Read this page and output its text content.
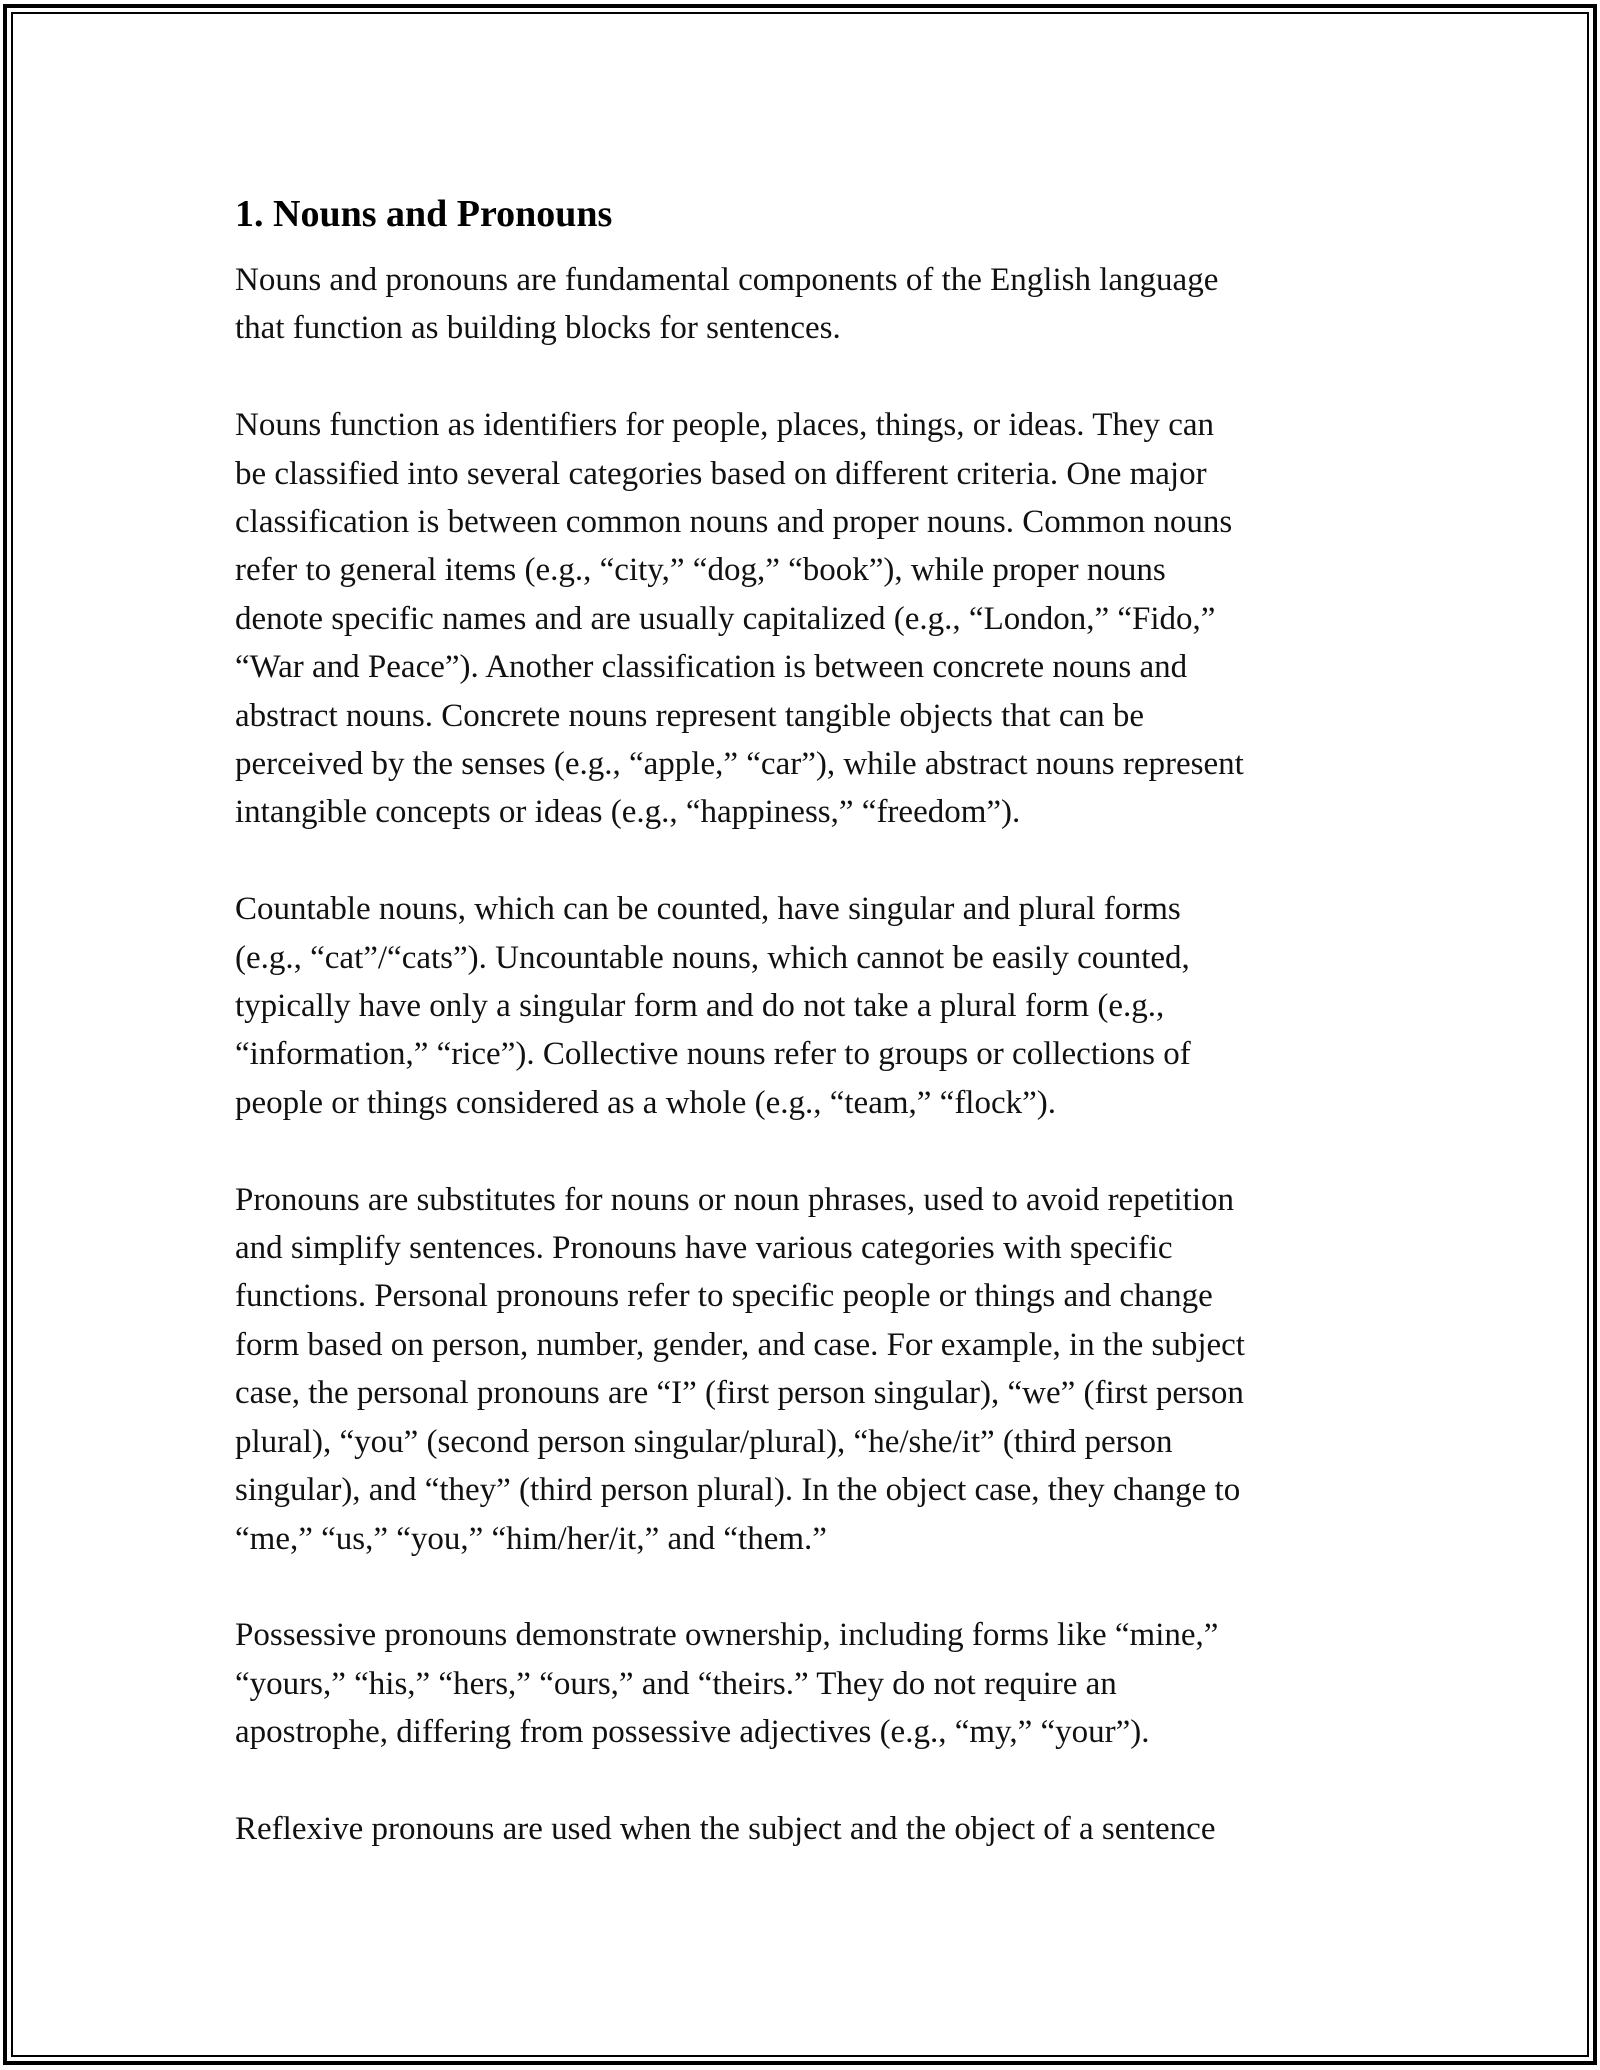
1. Nouns and Pronouns

Nouns and pronouns are fundamental components of the English language
that function as building blocks for sentences.

Nouns function as identifiers for people, places, things, or ideas. They can
be classified into several categories based on different criteria. One major
classification is between common nouns and proper nouns. Common nouns
refer to general items (e.g., “city,” “dog,” “book”), while proper nouns
denote specific names and are usually capitalized (e.g., “London,” “Fido,”
“War and Peace”). Another classification is between concrete nouns and
abstract nouns. Concrete nouns represent tangible objects that can be
perceived by the senses (e.g., “apple,” “car”), while abstract nouns represent
intangible concepts or ideas (e.g., “happiness,” “freedom”).

Countable nouns, which can be counted, have singular and plural forms
(e.g., “cat”/“cats”). Uncountable nouns, which cannot be easily counted,
typically have only a singular form and do not take a plural form (e.g.,
“information,” “rice”). Collective nouns refer to groups or collections of
people or things considered as a whole (e.g., “team,” “flock”).

Pronouns are substitutes for nouns or noun phrases, used to avoid repetition
and simplify sentences. Pronouns have various categories with specific
functions. Personal pronouns refer to specific people or things and change
form based on person, number, gender, and case. For example, in the subject
case, the personal pronouns are “I” (first person singular), “we” (first person
plural), “you” (second person singular/plural), “he/she/it” (third person
singular), and “they” (third person plural). In the object case, they change to
“me,” “us,” “you,” “him/her/it,” and “them.”

Possessive pronouns demonstrate ownership, including forms like “mine,”
“yours,” “his,” “hers,” “ours,” and “theirs.” They do not require an
apostrophe, differing from possessive adjectives (e.g., “my,” “your”).

Reflexive pronouns are used when the subject and the object of a sentence
